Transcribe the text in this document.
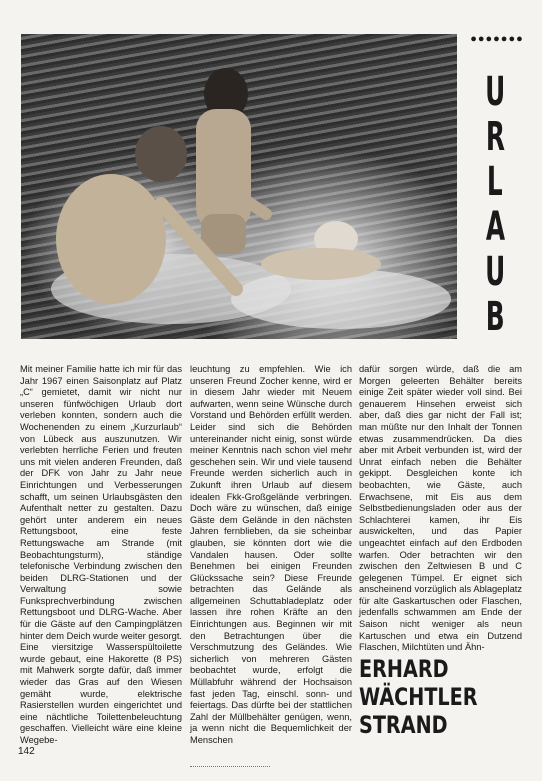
●●●●●●●
U
R
L
A
U
B

Mit meiner Familie hatte ich mir für das Jahr 1967 einen Saisonplatz auf Platz „C“ gemietet, damit wir nicht nur unseren fünfwöchigen Urlaub dort verleben konnten, sondern auch die Wochenenden zu einem „Kurzurlaub“ von Lübeck aus auszunutzen. Wir verlebten herrliche Ferien und freuten uns mit vielen anderen Freunden, daß der DFK von Jahr zu Jahr neue Einrichtungen und Verbesserungen schafft, um seinen Urlaubsgästen den Aufenthalt netter zu gestalten. Dazu gehört unter anderem ein neues Rettungsboot, eine feste Rettungswache am Strande (mit Beobachtungsturm), ständige telefonische Verbindung zwischen den beiden DLRG-Stationen und der Verwaltung sowie Funksprechverbindung zwischen Rettungsboot und DLRG-Wache. Aber für die Gäste auf den Campingplätzen hinter dem Deich wurde weiter gesorgt. Eine viersitzige Wasserspültoilette wurde gebaut, eine Hakorette (8 PS) mit Mahwerk sorgte dafür, daß immer wieder das Gras auf den Wiesen gemäht wurde, elektrische Rasierstellen wurden eingerichtet und eine nächtliche Toilettenbeleuchtung geschaffen. Vielleicht wäre eine kleine Wegebe-

leuchtung zu empfehlen. Wie ich unseren Freund Zocher kenne, wird er in diesem Jahr wieder mit Neuem aufwarten, wenn seine Wünsche durch Vorstand und Behörden erfüllt werden. Leider sind sich die Behörden untereinander nicht einig, sonst würde meiner Kenntnis nach schon viel mehr geschehen sein. Wir und viele tausend Freunde werden sicherlich auch in Zukunft ihren Urlaub auf diesem idealen Fkk-Großgelände verbringen. Doch wäre zu wünschen, daß einige Gäste dem Gelände in den nächsten Jahren fernblieben, da sie scheinbar glauben, sie könnten dort wie die Vandalen hausen. Oder sollte Benehmen bei einigen Freunden Glückssache sein? Diese Freunde betrachten das Gelände als allgemeinen Schuttabladeplatz oder lassen ihre rohen Kräfte an den Einrichtungen aus. Beginnen wir mit den Betrachtungen über die Verschmutzung des Geländes. Wie sicherlich von mehreren Gästen beobachtet wurde, erfolgt die Müllabfuhr während der Hochsaison fast jeden Tag, einschl. sonn- und feiertags. Das dürfte bei der stattlichen Zahl der Müllbehälter genügen, wenn, ja wenn nicht die Bequemlichkeit der Menschen

dafür sorgen würde, daß die am Morgen geleerten Behälter bereits einige Zeit später wieder voll sind. Bei genauerem Hinsehen erweist sich aber, daß dies gar nicht der Fall ist; man müßte nur den Inhalt der Tonnen etwas zusammendrücken. Da dies aber mit Arbeit verbunden ist, wird der Unrat einfach neben die Behälter gekippt. Desgleichen konte ich beobachten, wie Gäste, auch Erwachsene, mit Eis aus dem Selbstbedienungsladen oder aus der Schlachterei kamen, ihr Eis auswickelten, und das Papier ungeachtet einfach auf den Erdboden warfen. Oder betrachten wir den zwischen den Zeltwiesen B und C gelegenen Tümpel. Er eignet sich anscheinend vorzüglich als Ablageplatz für alte Gaskartuschen oder Flaschen, jedenfalls schwammen am Ende der Saison nicht weniger als neun Kartuschen und etwa ein Dutzend Flaschen, Milchtüten und Ähn-

ERHARD
WÄCHTLER
STRAND
142
